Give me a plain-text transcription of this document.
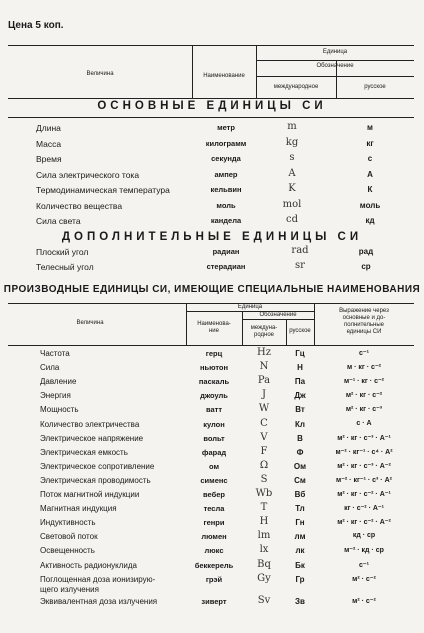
Цена 5 коп.
Величина
Единица
Наименование
Обозначение
международное	русское
ОСНОВНЫЕ ЕДИНИЦЫ СИ
Длина	метр	m	м
Масса	килограмм	kg	кг
Время	секунда	s	с
Сила электрического тока	ампер	A	А
Термодинамическая температура	кельвин	K	К
Количество вещества	моль	mol	моль
Сила света	кандела	cd	кд
ДОПОЛНИТЕЛЬНЫЕ ЕДИНИЦЫ СИ
Плоский угол	радиан	rad	рад
Телесный угол	стерадиан	sr	ср
ПРОИЗВОДНЫЕ ЕДИНИЦЫ СИ, ИМЕЮЩИЕ СПЕЦИАЛЬНЫЕ НАИМЕНОВАНИЯ
Величина
Единица
Наименова-
ние
Обозначение
междуна-
родное
русское
Выражение через
основные и до-
полнительные
единицы СИ
Частота	герц	Hz	Гц	с⁻¹
Сила	ньютон	N	Н	м · кг · с⁻²
Давление	паскаль	Pa	Па	м⁻¹ · кг · с⁻²
Энергия	джоуль	J	Дж	м² · кг · с⁻²
Мощность	ватт	W	Вт	м² · кг · с⁻³
Количество электричества	кулон	C	Кл	с · А
Электрическое напряжение	вольт	V	В	м² · кг · с⁻³ · А⁻¹
Электрическая емкость	фарад	F	Ф	м⁻² · кг⁻¹ · с⁴ · А²
Электрическое сопротивление	ом	Ω	Ом	м² · кг · с⁻³ · А⁻²
Электрическая проводимость	сименс	S	См	м⁻² · кг⁻¹ · с³ · А²
Поток магнитной индукции	вебер	Wb	Вб	м² · кг · с⁻² · А⁻¹
Магнитная индукция	тесла	T	Тл	кг · с⁻² · А⁻¹
Индуктивность	генри	H	Гн	м² · кг · с⁻² · А⁻²
Световой поток	люмен	lm	лм	кд · ср
Освещенность	люкс	lx	лк	м⁻² · кд · ср
Активность радионуклида	беккерель	Bq	Бк	с⁻¹
Поглощенная доза ионизирую-
щего излучения
грэй	Gy	Гр	м² · с⁻²
Эквивалентная доза излучения	зиверт	Sv	Зв	м² · с⁻²
